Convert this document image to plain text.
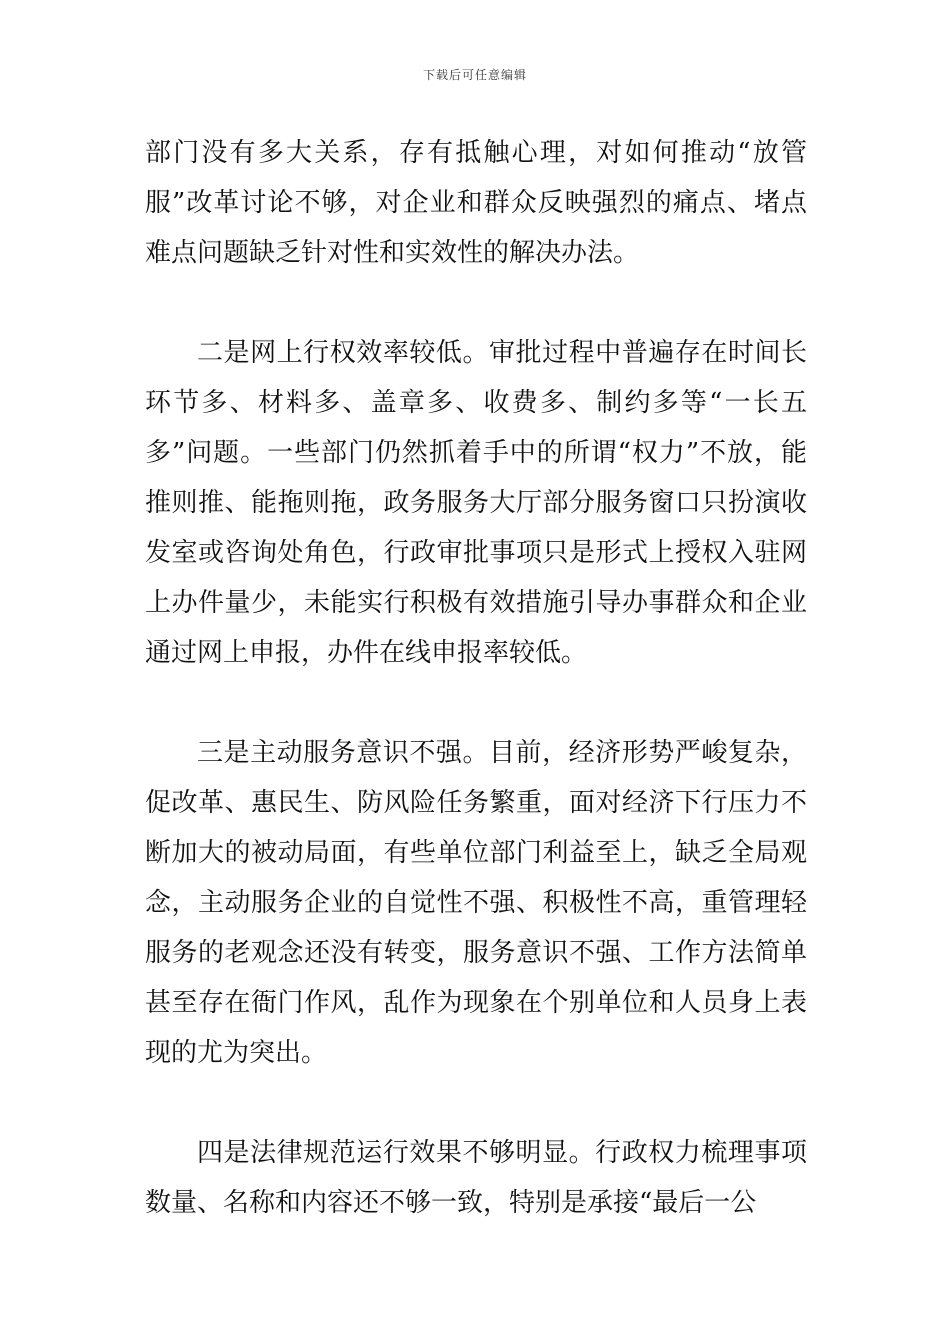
下载后可任意编辑

部门没有多大关系，存有抵触心理，对如何推动“放管服”改革讨论不够，对企业和群众反映强烈的痛点、堵点难点问题缺乏针对性和实效性的解决办法。

二是网上行权效率较低。审批过程中普遍存在时间长环节多、材料多、盖章多、收费多、制约多等“一长五多”问题。一些部门仍然抓着手中的所谓“权力”不放，能推则推、能拖则拖，政务服务大厅部分服务窗口只扮演收发室或咨询处角色，行政审批事项只是形式上授权入驻网上办件量少，未能实行积极有效措施引导办事群众和企业通过网上申报，办件在线申报率较低。

三是主动服务意识不强。目前，经济形势严峻复杂，促改革、惠民生、防风险任务繁重，面对经济下行压力不断加大的被动局面，有些单位部门利益至上，缺乏全局观念，主动服务企业的自觉性不强、积极性不高，重管理轻服务的老观念还没有转变，服务意识不强、工作方法简单甚至存在衙门作风，乱作为现象在个别单位和人员身上表现的尤为突出。

四是法律规范运行效果不够明显。行政权力梳理事项数量、名称和内容还不够一致，特别是承接“最后一公
